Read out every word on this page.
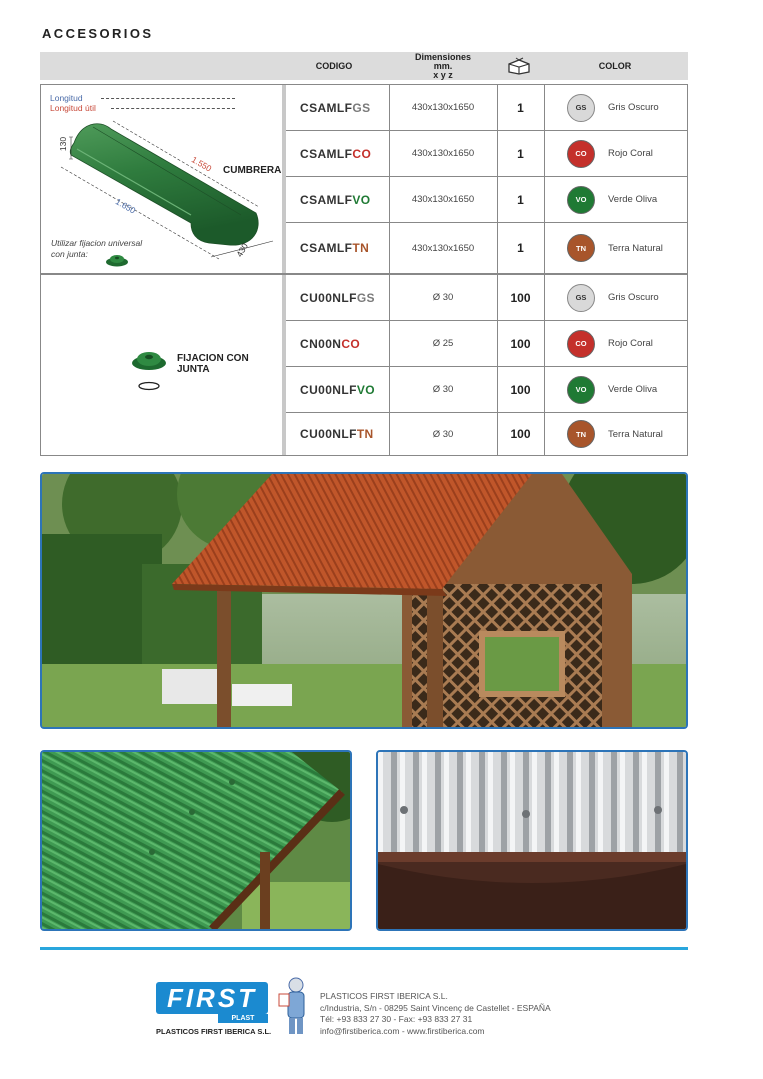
ACCESORIOS
CODIGO
Dimensiones
mm.
x y z
COLOR
Longitud
Longitud útil
130
1.550
1.650
430
CUMBRERA
Utilizar fijacion universal
con junta:
CSAMLF GS	430x130x1650	1	GS	Gris Oscuro
CSAMLF CO	430x130x1650	1	CO	Rojo Coral
CSAMLF VO	430x130x1650	1	VO	Verde Oliva
CSAMLF TN	430x130x1650	1	TN	Terra Natural
FIJACION CON JUNTA
CU00NLF GS	Ø 30	100	GS	Gris Oscuro
CN00N CO	Ø 25	100	CO	Rojo Coral
CU00NLF VO	Ø 30	100	VO	Verde Oliva
CU00NLF TN	Ø 30	100	TN	Terra Natural
FIRST
PLAST
PLASTICOS FIRST IBERICA S.L.
PLASTICOS FIRST IBERICA S.L.
c/Industria, S/n - 08295 Saint Vincenç de Castellet - ESPAÑA
Tél: +93 833 27 30 - Fax: +93 833 27 31
info@firstiberica.com - www.firstiberica.com
